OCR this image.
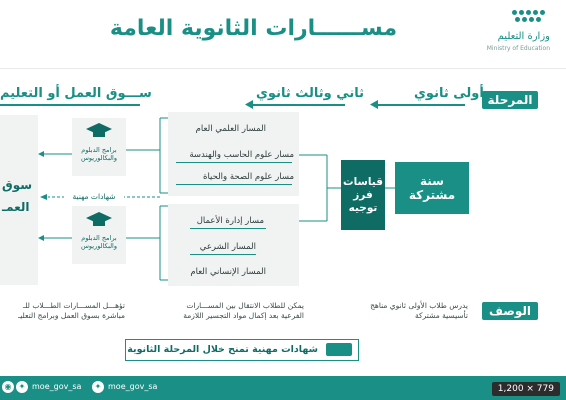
مســــــارات الثانوية العامة	وزارة التعليم
Ministry of Education
المرحلة
أولى ثانوي
ثاني وثالث ثانوي
ســـوق العمل أو التعليم
سوق
العمـ
برامج الدبلوم والبكالوريوس
برامج الدبلوم والبكالوريوس
شهادات مهنية
المسار العلمي العام
مسار علوم الحاسب والهندسة
مسار علوم الصحة والحياة
مسار إدارة الأعمال
المسار الشرعي
المسار الإنساني العام
قياسات فرز توجيه
سنة مشتركة
الوصف
يدرس طلاب الأولى ثانوي مناهج تأسيسية مشتركة
يمكن للطلاب الانتقال بين المســـارات الفرعية بعد إكمال مواد التجسير اللازمة
تؤهـــل المســـارات الطـــلاب للـ مباشرة بسوق العمل وبرامج التعليـ
شهادات مهنية تمنح خلال المرحلة الثانوية
◉ ✦ moe_gov_sa	✦ moe_gov_sa	1,200 × 779
